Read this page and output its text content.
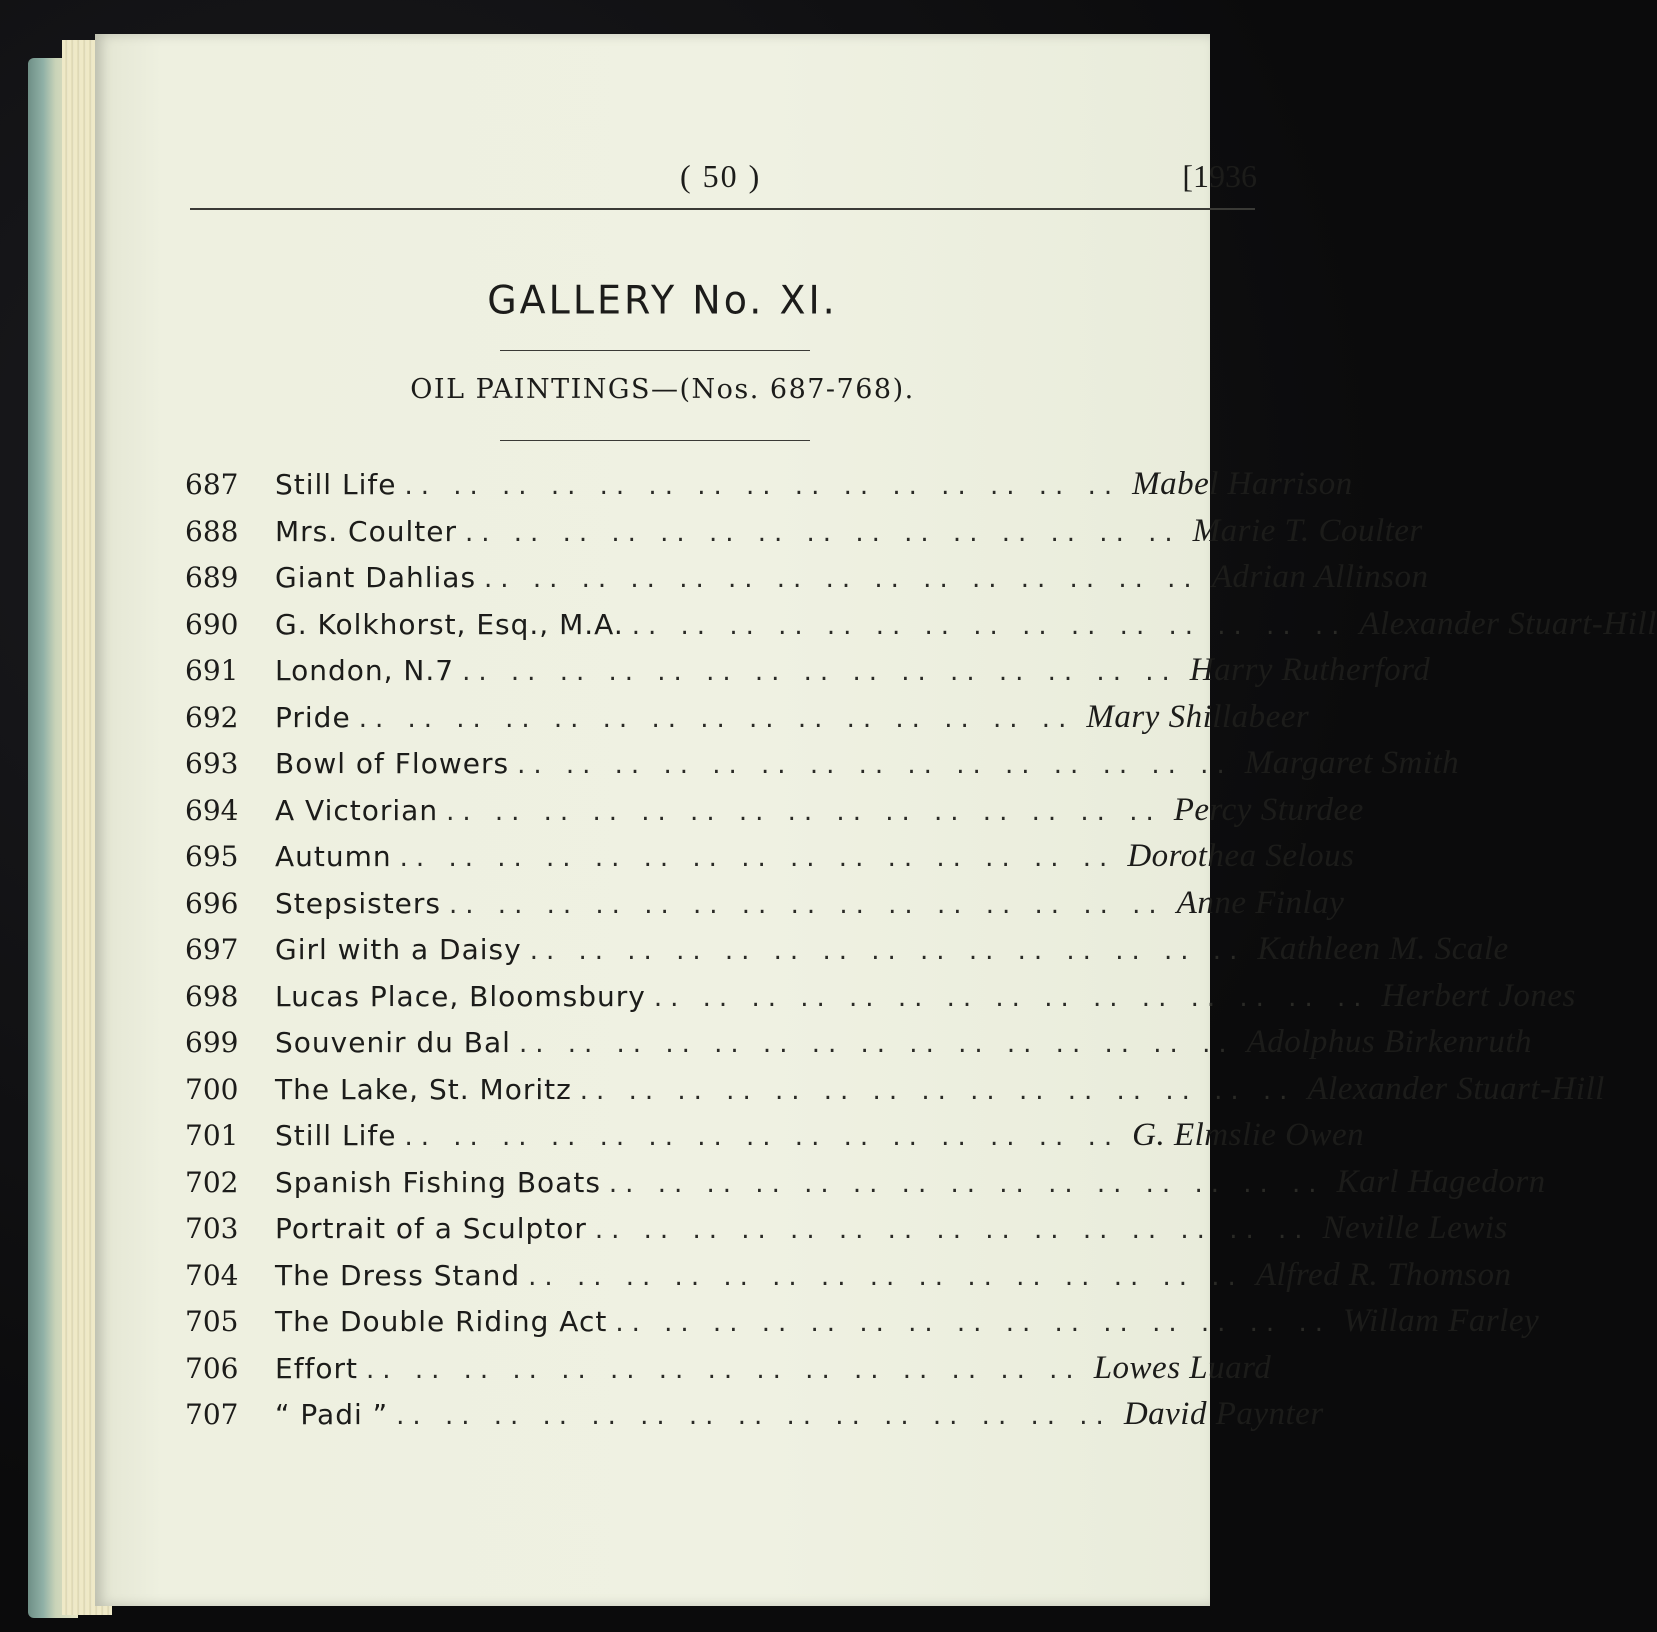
( 50 )	[1936
GALLERY No. XI.
OIL PAINTINGS—(Nos. 687-768).
687	Still Life .. .. .. .. .. .. .. .. .. .. .. .. .. .. .. Mabel Harrison
688	Mrs. Coulter .. .. .. .. .. .. .. .. .. .. .. .. .. .. .. Marie T. Coulter
689	Giant Dahlias .. .. .. .. .. .. .. .. .. .. .. .. .. .. .. Adrian Allinson
690	G. Kolkhorst, Esq., M.A. .. .. .. .. .. .. .. .. .. .. .. .. .. .. .. Alexander Stuart-Hill
691	London, N.7 .. .. .. .. .. .. .. .. .. .. .. .. .. .. .. Harry Rutherford
692	Pride .. .. .. .. .. .. .. .. .. .. .. .. .. .. .. Mary Shillabeer
693	Bowl of Flowers .. .. .. .. .. .. .. .. .. .. .. .. .. .. .. Margaret Smith
694	A Victorian .. .. .. .. .. .. .. .. .. .. .. .. .. .. .. Percy Sturdee
695	Autumn .. .. .. .. .. .. .. .. .. .. .. .. .. .. .. Dorothea Selous
696	Stepsisters .. .. .. .. .. .. .. .. .. .. .. .. .. .. .. Anne Finlay
697	Girl with a Daisy .. .. .. .. .. .. .. .. .. .. .. .. .. .. .. Kathleen M. Scale
698	Lucas Place, Bloomsbury .. .. .. .. .. .. .. .. .. .. .. .. .. .. .. Herbert Jones
699	Souvenir du Bal .. .. .. .. .. .. .. .. .. .. .. .. .. .. .. Adolphus Birkenruth
700	The Lake, St. Moritz .. .. .. .. .. .. .. .. .. .. .. .. .. .. .. Alexander Stuart-Hill
701	Still Life .. .. .. .. .. .. .. .. .. .. .. .. .. .. .. G. Elmslie Owen
702	Spanish Fishing Boats .. .. .. .. .. .. .. .. .. .. .. .. .. .. .. Karl Hagedorn
703	Portrait of a Sculptor .. .. .. .. .. .. .. .. .. .. .. .. .. .. .. Neville Lewis
704	The Dress Stand .. .. .. .. .. .. .. .. .. .. .. .. .. .. .. Alfred R. Thomson
705	The Double Riding Act .. .. .. .. .. .. .. .. .. .. .. .. .. .. .. Willam Farley
706	Effort .. .. .. .. .. .. .. .. .. .. .. .. .. .. .. Lowes Luard
707	“ Padi ” .. .. .. .. .. .. .. .. .. .. .. .. .. .. .. David Paynter
